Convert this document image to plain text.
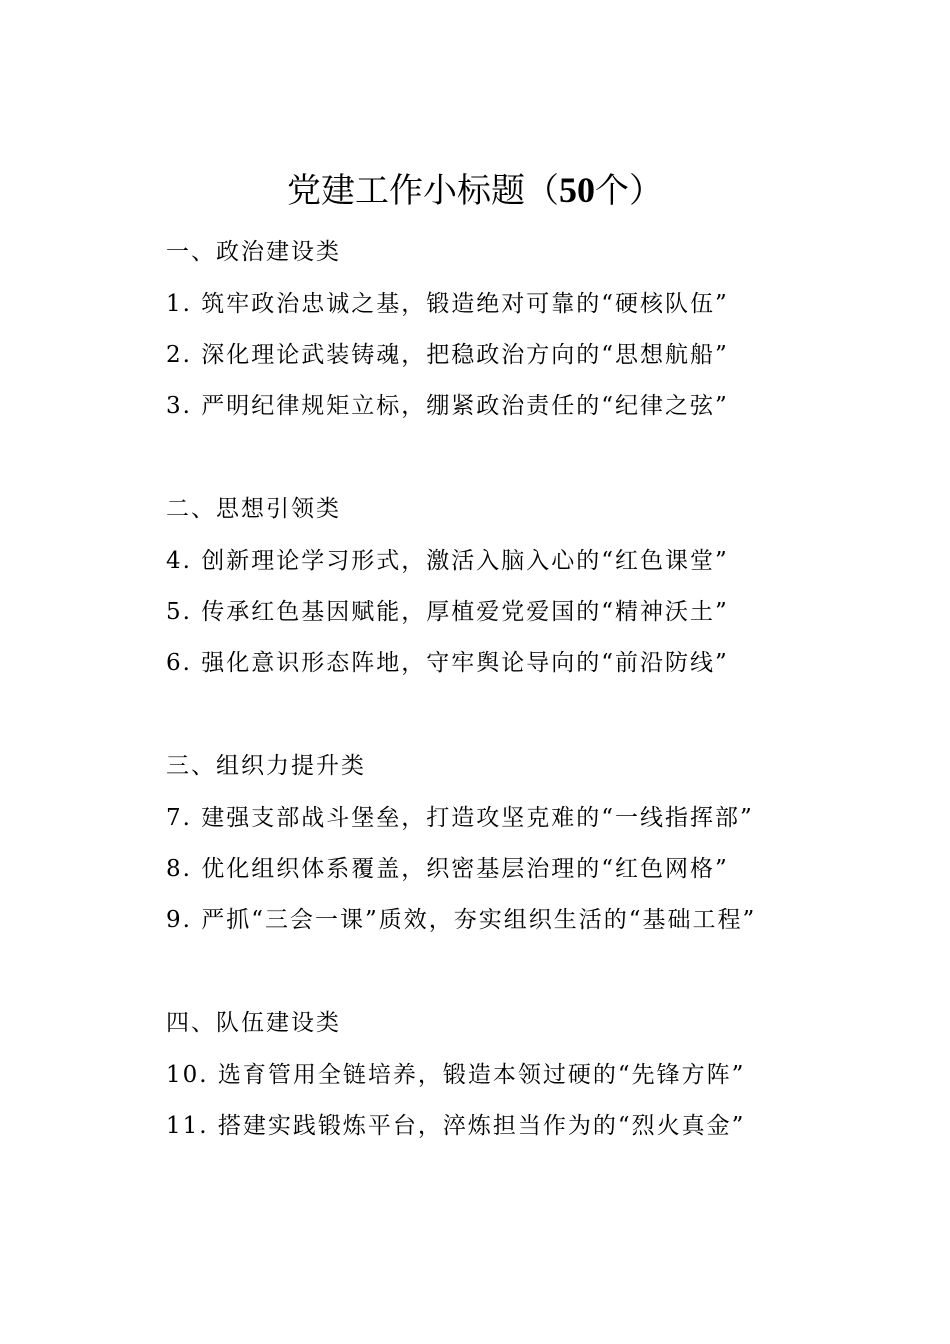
党建工作小标题（50个）
一、政治建设类
1. 筑牢政治忠诚之基，锻造绝对可靠的“硬核队伍”
2. 深化理论武装铸魂，把稳政治方向的“思想航船”
3. 严明纪律规矩立标，绷紧政治责任的“纪律之弦”
二、思想引领类
4. 创新理论学习形式，激活入脑入心的“红色课堂”
5. 传承红色基因赋能，厚植爱党爱国的“精神沃土”
6. 强化意识形态阵地，守牢舆论导向的“前沿防线”
三、组织力提升类
7. 建强支部战斗堡垒，打造攻坚克难的“一线指挥部”
8. 优化组织体系覆盖，织密基层治理的“红色网格”
9. 严抓“三会一课”质效，夯实组织生活的“基础工程”
四、队伍建设类
10. 选育管用全链培养，锻造本领过硬的“先锋方阵”
11. 搭建实践锻炼平台，淬炼担当作为的“烈火真金”
